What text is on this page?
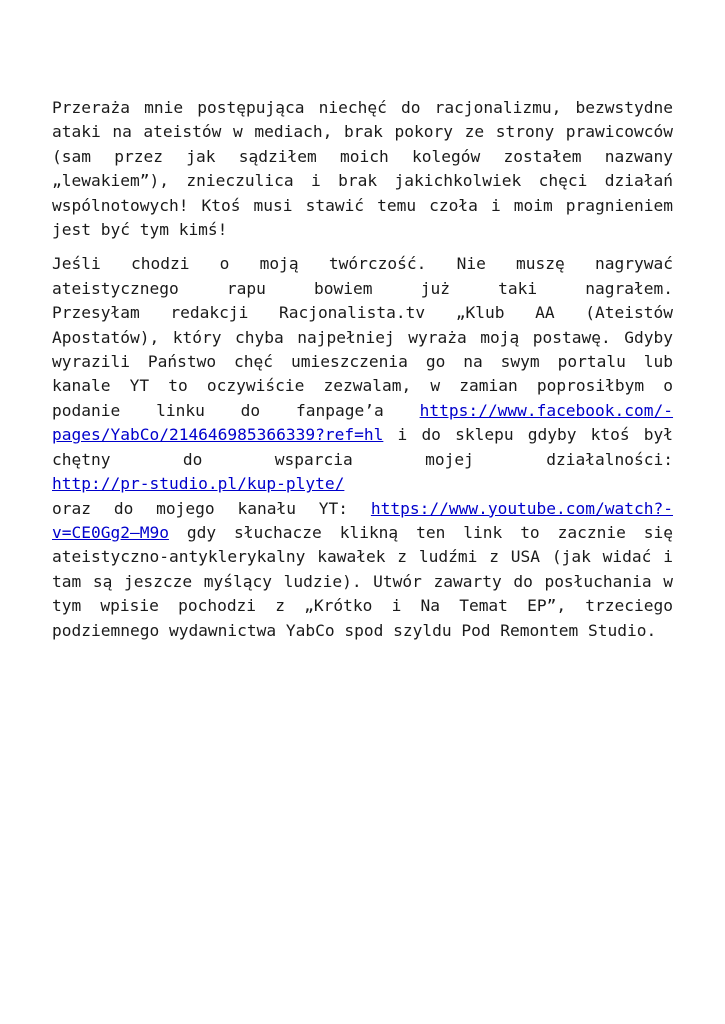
Przeraża mnie postępująca niechęć do racjonalizmu, bezwstydne
ataki na ateistów w mediach, brak pokory ze strony prawicowców
(sam przez jak sądziłem moich kolegów zostałem nazwany
„lewakiem”), znieczulica i brak jakichkolwiek chęci działań
wspólnotowych! Ktoś musi stawić temu czoła i moim pragnieniem
jest być tym kimś!

Jeśli chodzi o moją twórczość. Nie muszę nagrywać
ateistycznego rapu bowiem już taki nagrałem.
Przesyłam redakcji Racjonalista.tv „Klub AA (Ateistów
Apostatów), który chyba najpełniej wyraża moją postawę. Gdyby
wyrazili Państwo chęć umieszczenia go na swym portalu lub
kanale YT to oczywiście zezwalam, w zamian poprosiłbym o
podanie linku do fanpage’a https://www.facebook.com/-
pages/YabCo/214646985366339?ref=hl i do sklepu gdyby ktoś był
chętny do wsparcia mojej działalności:
http://pr-studio.pl/kup-plyte/
oraz do mojego kanału YT: https://www.youtube.com/watch?-
v=CE0Gg2—M9o gdy słuchacze klikną ten link to zacznie się
ateistyczno-antyklerykalny kawałek z ludźmi z USA (jak widać i
tam są jeszcze myślący ludzie). Utwór zawarty do posłuchania w
tym wpisie pochodzi z „Krótko i Na Temat EP”, trzeciego
podziemnego wydawnictwa YabCo spod szyldu Pod Remontem Studio.
